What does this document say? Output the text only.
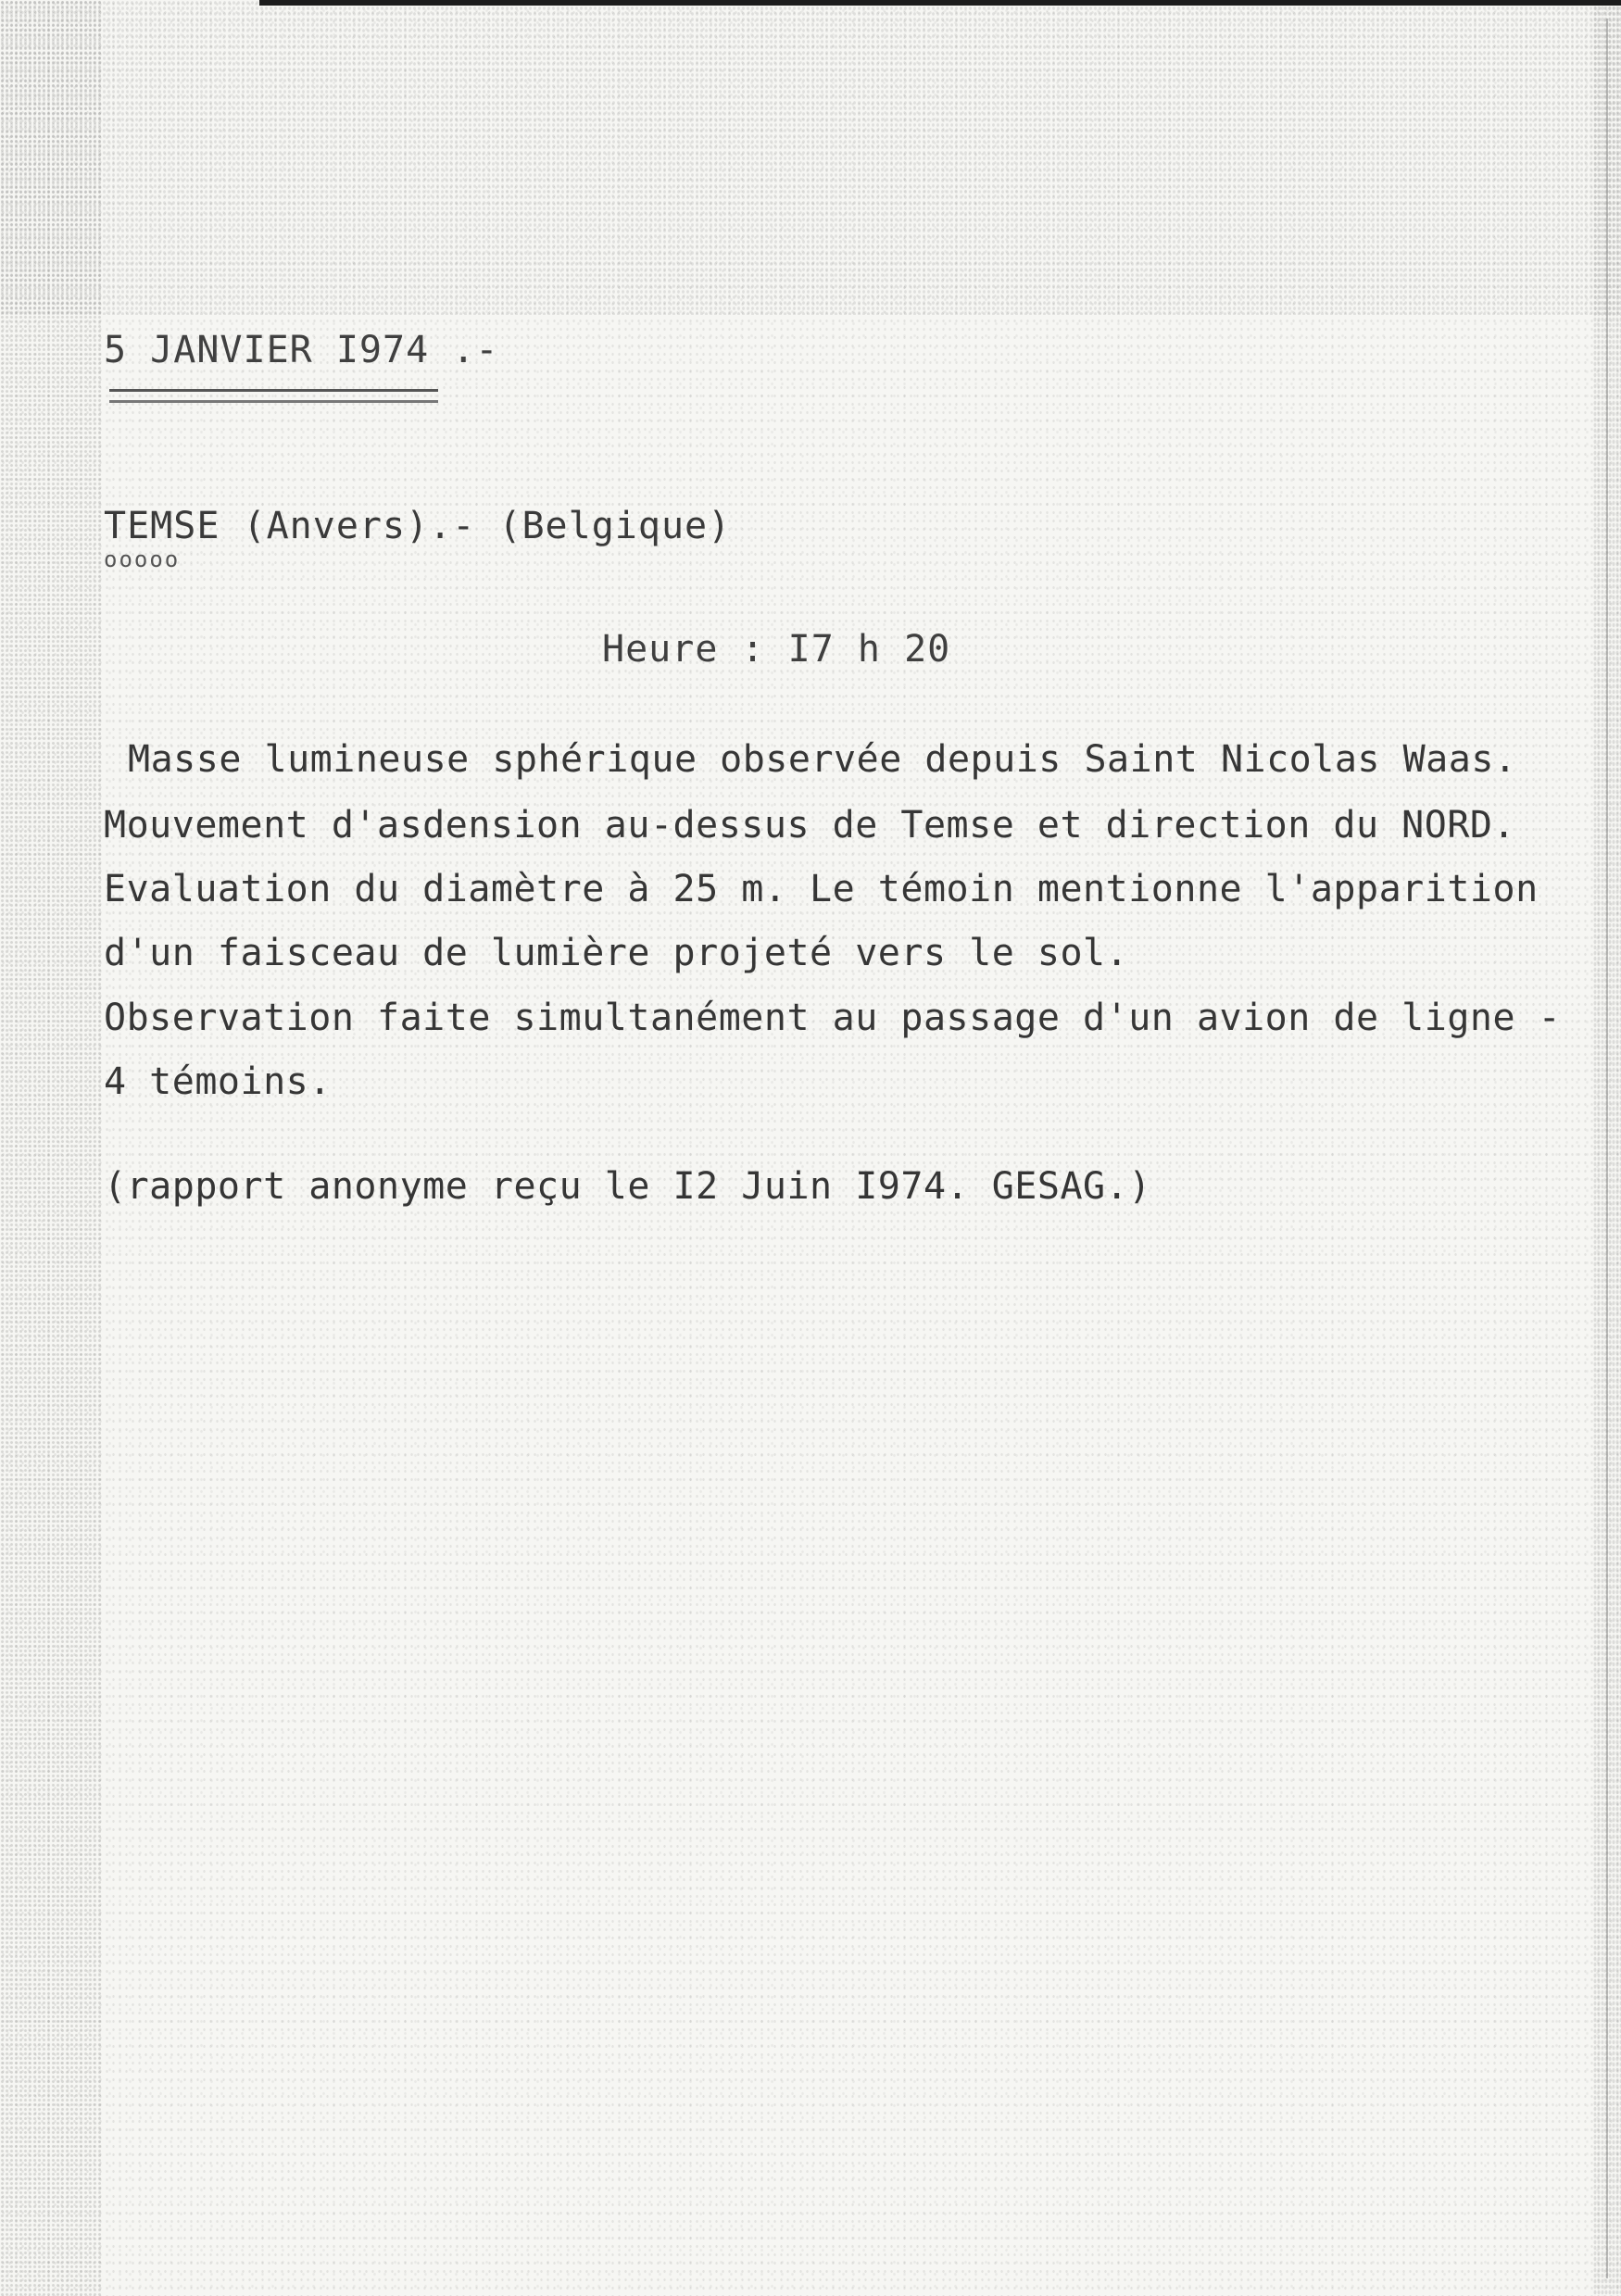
5 JANVIER I974 .-
TEMSE (Anvers).- (Belgique)
ooooo
Heure : I7 h 20
Masse lumineuse sphérique observée depuis Saint Nicolas Waas.
Mouvement d'asdension au-dessus de Temse et direction du NORD.
Evaluation du diamètre à 25 m. Le témoin mentionne l'apparition
d'un faisceau de lumière projeté vers le sol.
Observation faite simultanément au passage d'un avion de ligne -
4 témoins.
(rapport anonyme reçu le I2 Juin I974. GESAG.)
